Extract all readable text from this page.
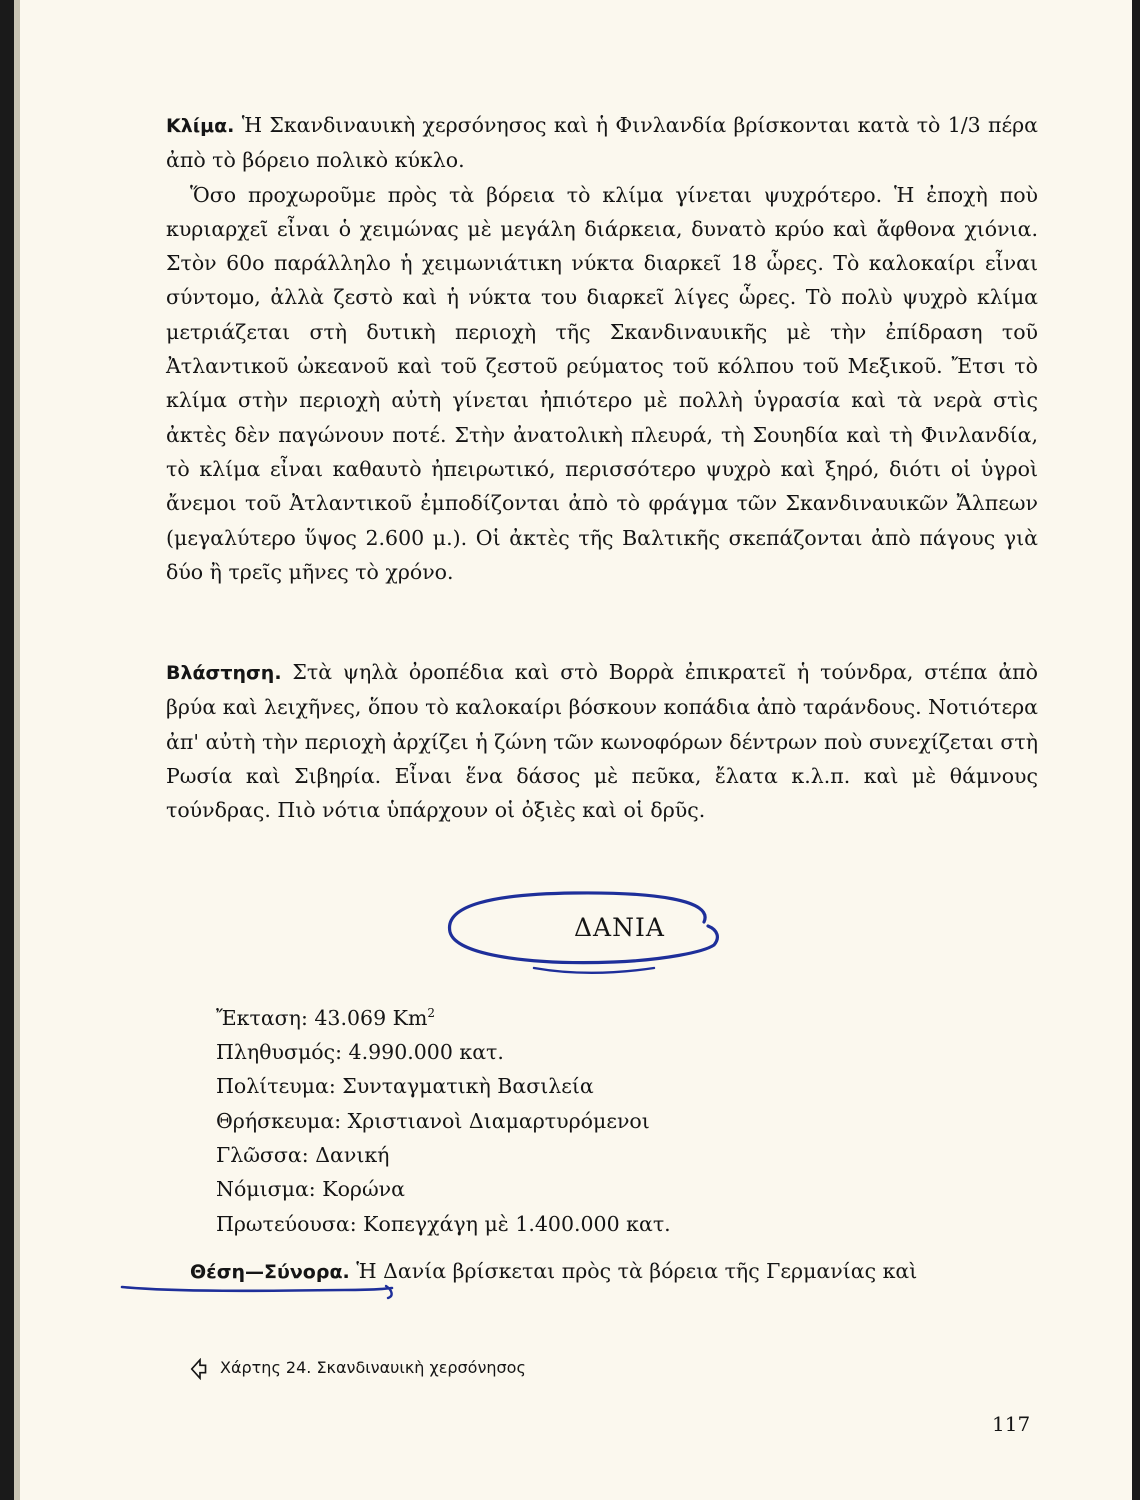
Κλίμα. Ἡ Σκανδιναυικὴ χερσόνησος καὶ ἡ Φινλανδία βρίσκονται κατὰ τὸ 1/3 πέρα ἀπὸ τὸ βόρειο πολικὸ κύκλο.

Ὅσο προχωροῦμε πρὸς τὰ βόρεια τὸ κλίμα γίνεται ψυχρότερο. Ἡ ἐποχὴ ποὺ κυριαρχεῖ εἶναι ὁ χειμώνας μὲ μεγάλη διάρκεια, δυνατὸ κρύο καὶ ἄφθονα χιόνια. Στὸν 60ο παράλληλο ἡ χειμωνιάτικη νύκτα διαρκεῖ 18 ὧρες. Τὸ καλοκαίρι εἶναι σύντομο, ἀλλὰ ζεστὸ καὶ ἡ νύκτα του διαρκεῖ λίγες ὧρες. Τὸ πολὺ ψυχρὸ κλίμα μετριάζεται στὴ δυτικὴ περιοχὴ τῆς Σκανδιναυικῆς μὲ τὴν ἐπίδραση τοῦ Ἀτλαντικοῦ ὠκεανοῦ καὶ τοῦ ζεστοῦ ρεύματος τοῦ κόλπου τοῦ Μεξικοῦ. Ἔτσι τὸ κλίμα στὴν περιοχὴ αὐτὴ γίνεται ἠπιότερο μὲ πολλὴ ὑγρασία καὶ τὰ νερὰ στὶς ἀκτὲς δὲν παγώνουν ποτέ. Στὴν ἀνατολικὴ πλευρά, τὴ Σουηδία καὶ τὴ Φινλανδία, τὸ κλίμα εἶναι καθαυτὸ ἠπειρωτικό, περισσότερο ψυχρὸ καὶ ξηρό, διότι οἱ ὑγροὶ ἄνεμοι τοῦ Ἀτλαντικοῦ ἐμποδίζονται ἀπὸ τὸ φράγμα τῶν Σκανδιναυικῶν Ἄλπεων (μεγαλύτερο ὕψος 2.600 μ.). Οἱ ἀκτὲς τῆς Βαλτικῆς σκεπάζονται ἀπὸ πάγους γιὰ δύο ἢ τρεῖς μῆνες τὸ χρόνο.

Βλάστηση. Στὰ ψηλὰ ὀροπέδια καὶ στὸ Βορρὰ ἐπικρατεῖ ἡ τούνδρα, στέπα ἀπὸ βρύα καὶ λειχῆνες, ὅπου τὸ καλοκαίρι βόσκουν κοπάδια ἀπὸ ταράνδους. Νοτιότερα ἀπ' αὐτὴ τὴν περιοχὴ ἀρχίζει ἡ ζώνη τῶν κωνοφόρων δέντρων ποὺ συνεχίζεται στὴ Ρωσία καὶ Σιβηρία. Εἶναι ἕνα δάσος μὲ πεῦκα, ἔλατα κ.λ.π. καὶ μὲ θάμνους τούνδρας. Πιὸ νότια ὑπάρχουν οἱ ὀξιὲς καὶ οἱ δρῦς.

ΔΑΝΙΑ
Ἔκταση: 43.069 Km$^2$
Πληθυσμός: 4.990.000 κατ.
Πολίτευμα: Συνταγματικὴ Βασιλεία
Θρήσκευμα: Χριστιανοὶ Διαμαρτυρόμενοι
Γλῶσσα: Δανική
Νόμισμα: Κορώνα
Πρωτεύουσα: Κοπεγχάγη μὲ 1.400.000 κατ.
Θέση—Σύνορα. Ἡ Δανία βρίσκεται πρὸς τὰ βόρεια τῆς Γερμανίας καὶ
Χάρτης 24. Σκανδιναυικὴ χερσόνησος
117
